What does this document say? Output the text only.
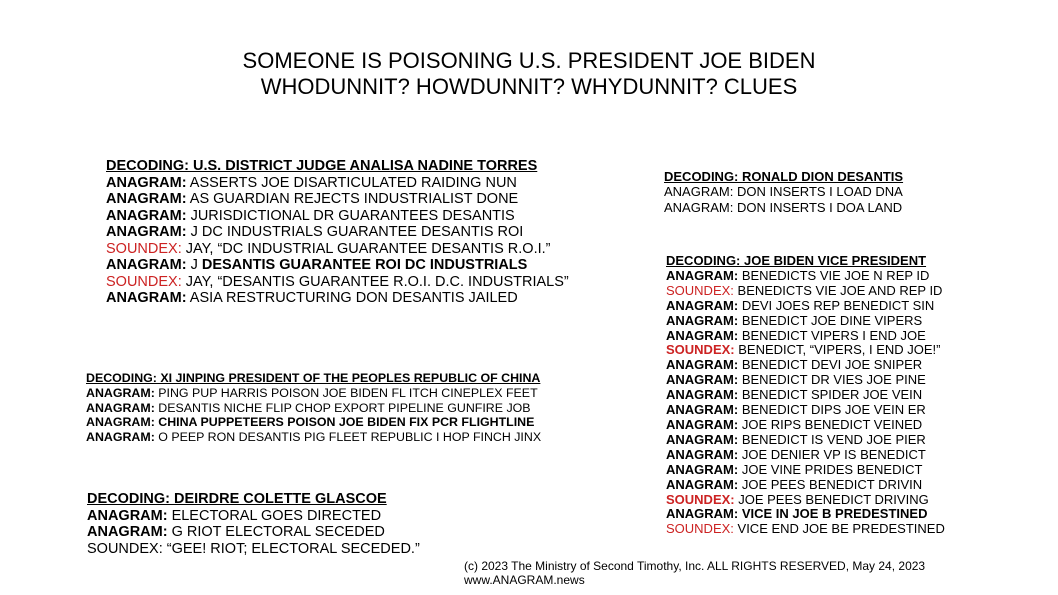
SOMEONE IS POISONING U.S. PRESIDENT JOE BIDEN
WHODUNNIT? HOWDUNNIT? WHYDUNNIT? CLUES
DECODING: U.S. DISTRICT JUDGE ANALISA NADINE TORRES
ANAGRAM: ASSERTS JOE DISARTICULATED RAIDING NUN
ANAGRAM: AS GUARDIAN REJECTS INDUSTRIALIST DONE
ANAGRAM: JURISDICTIONAL DR GUARANTEES DESANTIS
ANAGRAM: J DC INDUSTRIALS GUARANTEE DESANTIS ROI
SOUNDEX: JAY, “DC INDUSTRIAL GUARANTEE DESANTIS R.O.I.”
ANAGRAM: J DESANTIS GUARANTEE ROI DC INDUSTRIALS
SOUNDEX: JAY, “DESANTIS GUARANTEE R.O.I. D.C. INDUSTRIALS”
ANAGRAM: ASIA RESTRUCTURING DON DESANTIS JAILED
DECODING: RONALD DION DESANTIS
ANAGRAM: DON INSERTS I LOAD DNA
ANAGRAM: DON INSERTS I DOA LAND
DECODING: JOE BIDEN VICE PRESIDENT
ANAGRAM: BENEDICTS VIE JOE N REP ID
SOUNDEX: BENEDICTS VIE JOE AND REP ID
ANAGRAM: DEVI JOES REP BENEDICT SIN
ANAGRAM: BENEDICT JOE DINE VIPERS
ANAGRAM: BENEDICT VIPERS I END JOE
SOUNDEX: BENEDICT, “VIPERS, I END JOE!”
ANAGRAM: BENEDICT DEVI JOE SNIPER
ANAGRAM: BENEDICT DR VIES JOE PINE
ANAGRAM: BENEDICT SPIDER JOE VEIN
ANAGRAM: BENEDICT DIPS JOE VEIN ER
ANAGRAM: JOE RIPS BENEDICT VEINED
ANAGRAM: BENEDICT IS VEND JOE PIER
ANAGRAM: JOE DENIER VP IS BENEDICT
ANAGRAM: JOE VINE PRIDES BENEDICT
ANAGRAM: JOE PEES BENEDICT DRIVIN
SOUNDEX: JOE PEES BENEDICT DRIVING
ANAGRAM: VICE IN JOE B PREDESTINED
SOUNDEX: VICE END JOE BE PREDESTINED
DECODING: XI JINPING PRESIDENT OF THE PEOPLES REPUBLIC OF CHINA
ANAGRAM: PING PUP HARRIS POISON JOE BIDEN FL ITCH CINEPLEX FEET
ANAGRAM: DESANTIS NICHE FLIP CHOP EXPORT PIPELINE GUNFIRE JOB
ANAGRAM: CHINA PUPPETEERS POISON JOE BIDEN FIX PCR FLIGHTLINE
ANAGRAM: O PEEP RON DESANTIS PIG FLEET REPUBLIC I HOP FINCH JINX
DECODING: DEIRDRE COLETTE GLASCOE
ANAGRAM: ELECTORAL GOES DIRECTED
ANAGRAM: G RIOT ELECTORAL SECEDED
SOUNDEX: “GEE! RIOT; ELECTORAL SECEDED.”
(c) 2023 The Ministry of Second Timothy, Inc. ALL RIGHTS RESERVED, May 24, 2023
www.ANAGRAM.news
